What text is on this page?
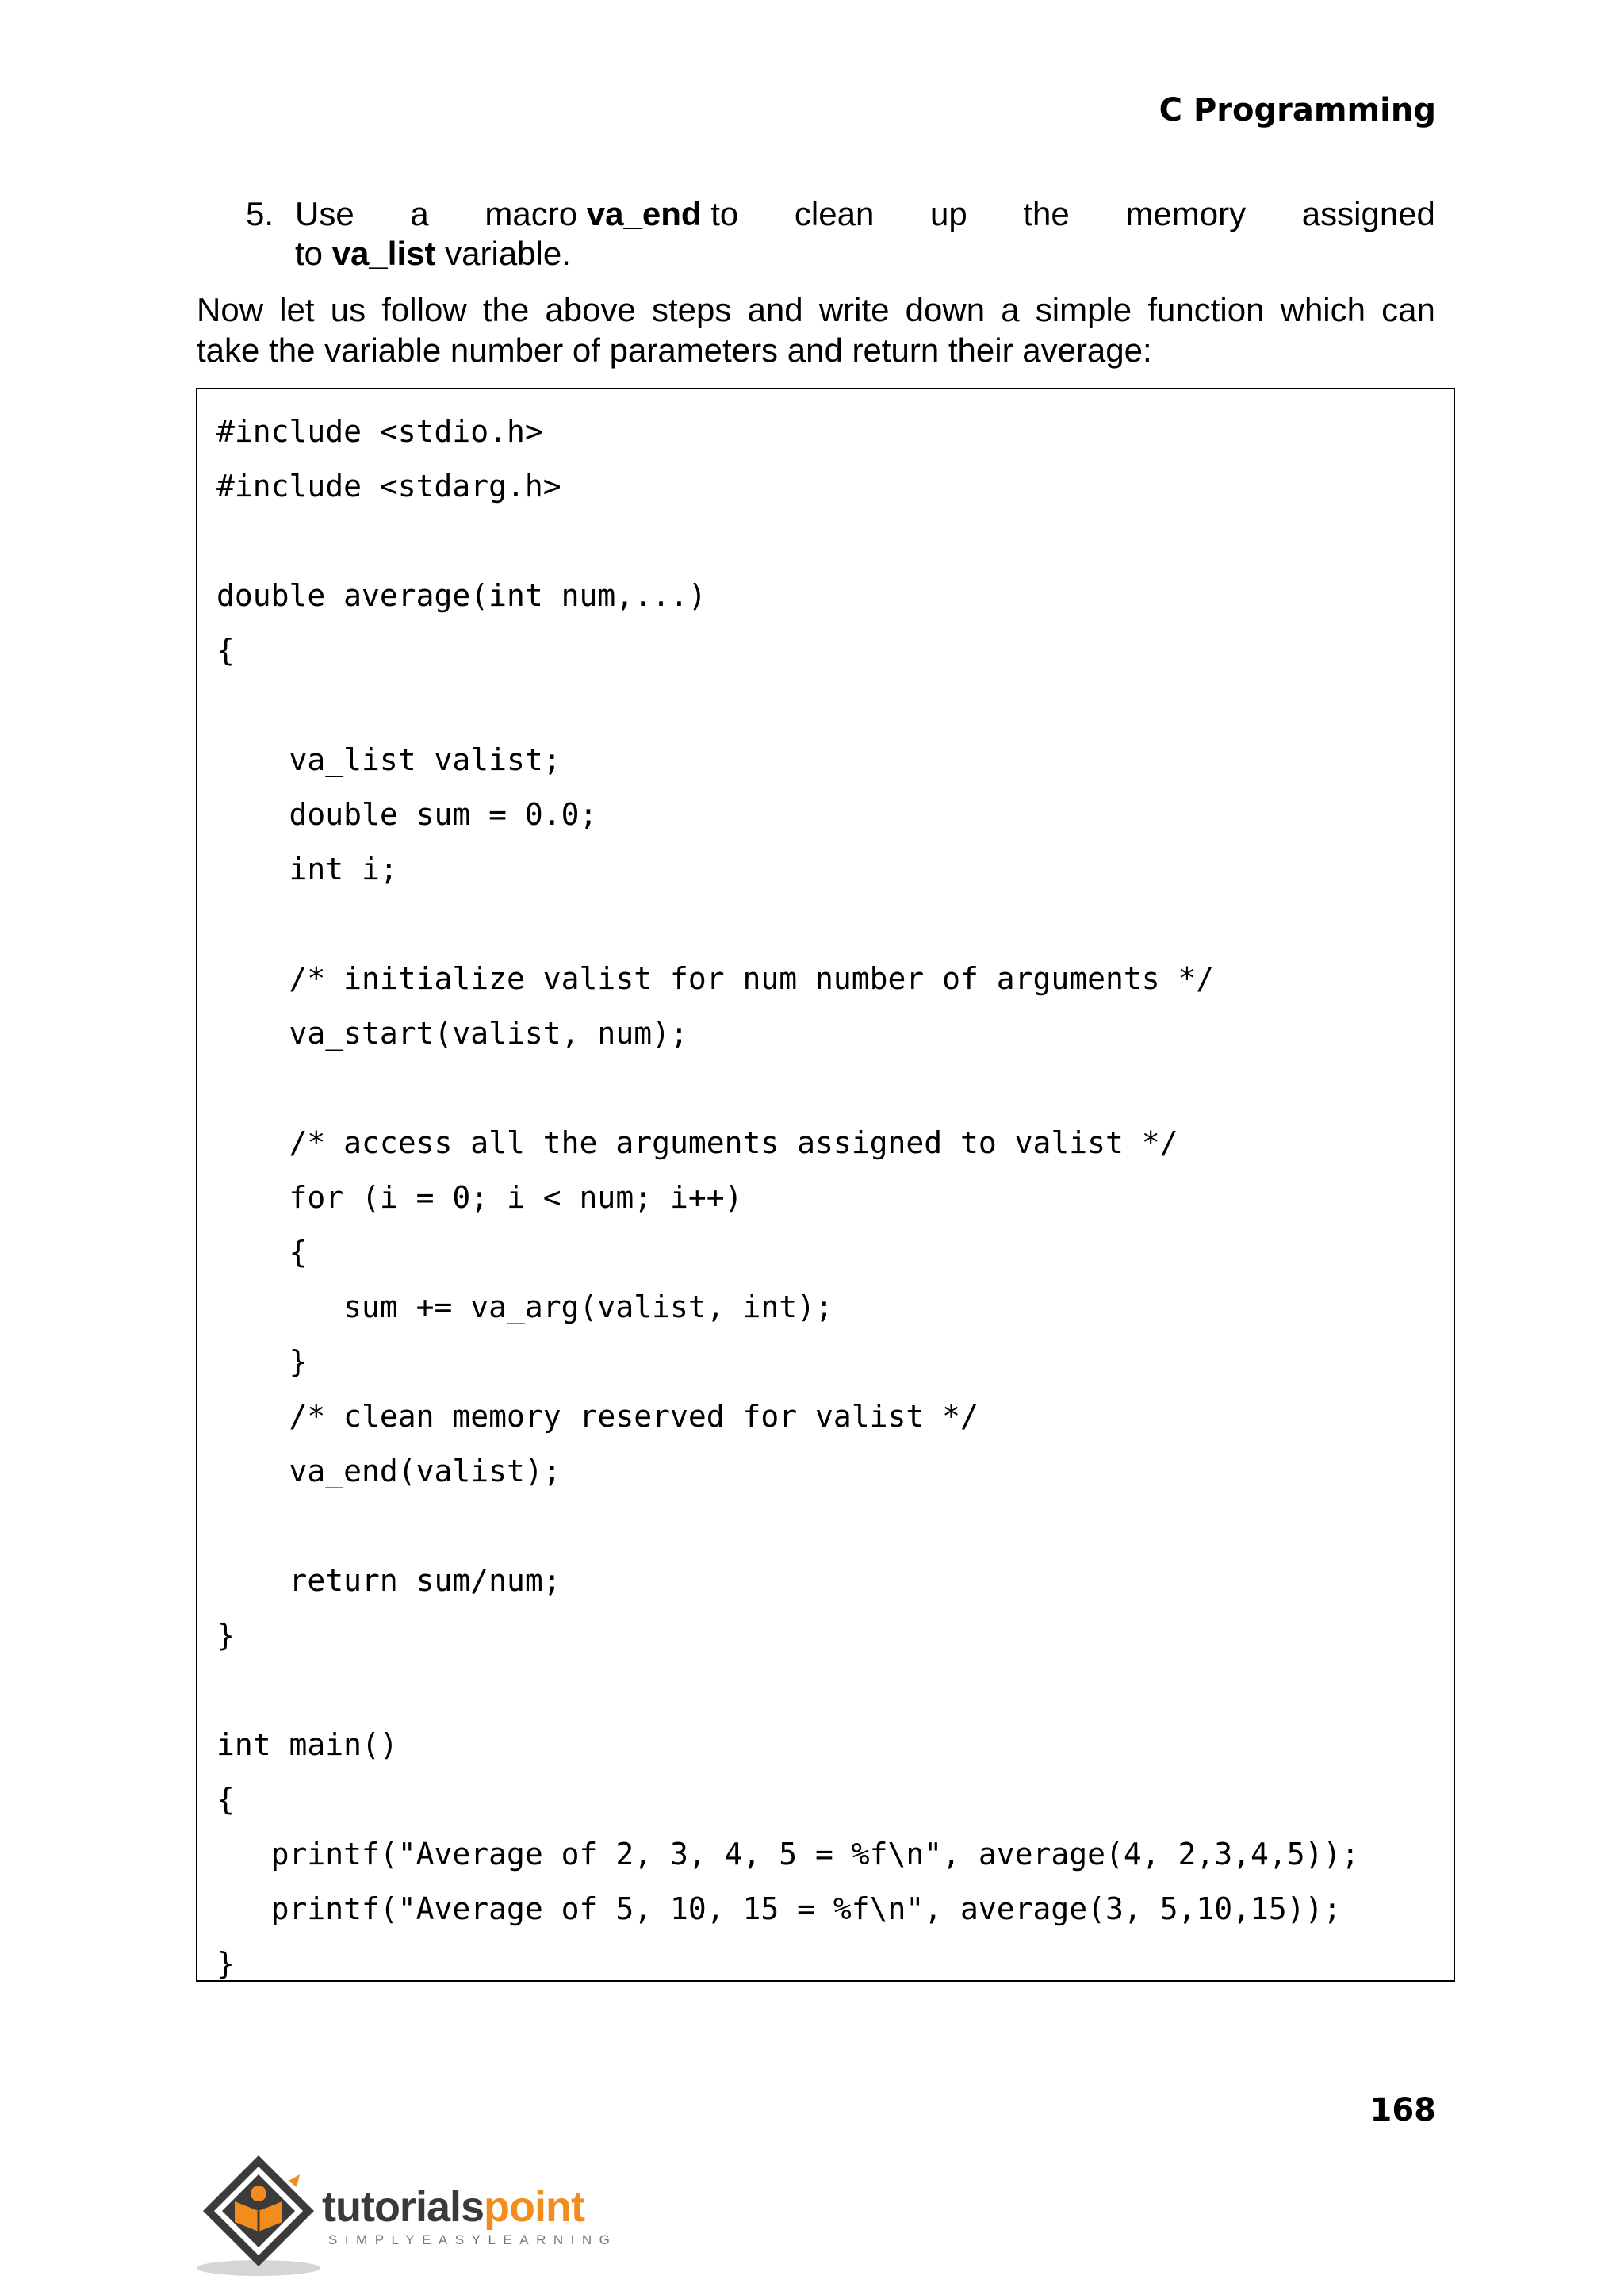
C Programming
5. Use a macro va_end to clean up the memory assigned
to va_list variable.
Now let us follow the above steps and write down a simple function which can
take the variable number of parameters and return their average:
#include <stdio.h>
#include <stdarg.h>
double average(int num,...)
{
va_list valist;
double sum = 0.0;
int i;
/* initialize valist for num number of arguments */
va_start(valist, num);
/* access all the arguments assigned to valist */
for (i = 0; i < num; i++)
{
sum += va_arg(valist, int);
}
/* clean memory reserved for valist */
va_end(valist);
return sum/num;
}
int main()
{
printf("Average of 2, 3, 4, 5 = %f\n", average(4, 2,3,4,5));
printf("Average of 5, 10, 15 = %f\n", average(3, 5,10,15));
}
168
tutorialspoint
SIMPLYEASYLEARNING
